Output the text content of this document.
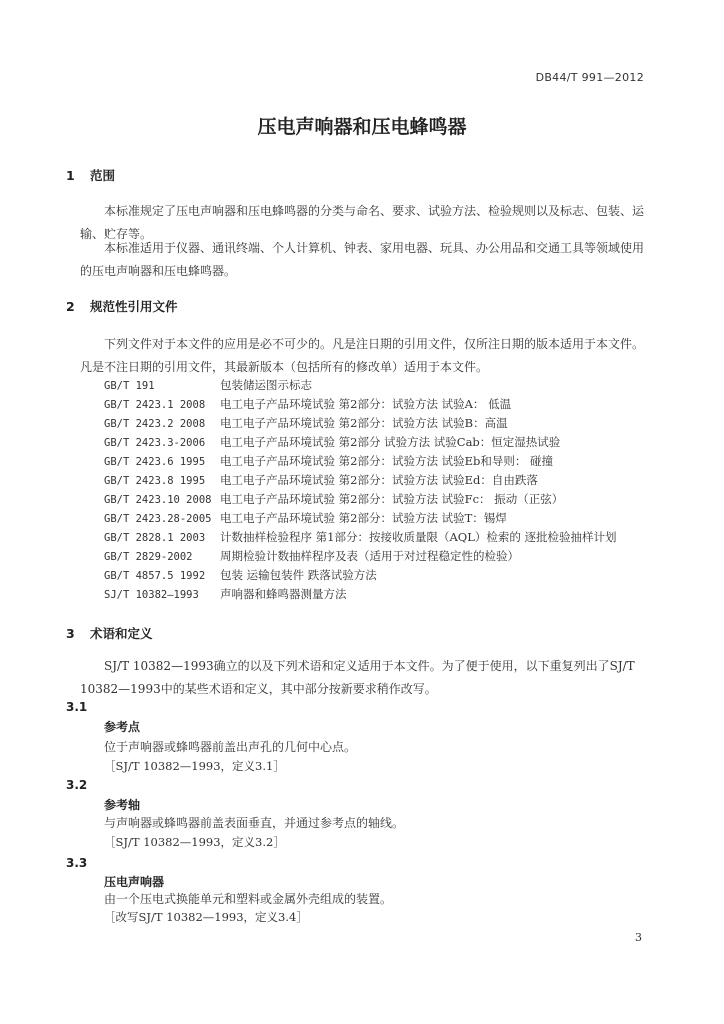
DB44/T 991—2012
压电声响器和压电蜂鸣器
1 范围
本标准规定了压电声响器和压电蜂鸣器的分类与命名、要求、试验方法、检验规则以及标志、包装、运输、贮存等。
本标准适用于仪器、通讯终端、个人计算机、钟表、家用电器、玩具、办公用品和交通工具等领域使用的压电声响器和压电蜂鸣器。
2 规范性引用文件
下列文件对于本文件的应用是必不可少的。凡是注日期的引用文件，仅所注日期的版本适用于本文件。凡是不注日期的引用文件，其最新版本（包括所有的修改单）适用于本文件。
GB/T 191	包装储运图示标志
GB/T 2423.1 2008 电工电子产品环境试验 第2部分：试验方法 试验A： 低温
GB/T 2423.2 2008 电工电子产品环境试验 第2部分：试验方法 试验B：高温
GB/T 2423.3-2006 电工电子产品环境试验 第2部分 试验方法 试验Cab：恒定湿热试验
GB/T 2423.6 1995 电工电子产品环境试验 第2部分：试验方法 试验Eb和导则： 碰撞
GB/T 2423.8 1995 电工电子产品环境试验 第2部分：试验方法 试验Ed：自由跌落
GB/T 2423.10 2008 电工电子产品环境试验 第2部分：试验方法 试验Fc： 振动（正弦）
GB/T 2423.28-2005 电工电子产品环境试验 第2部分：试验方法 试验T：锡焊
GB/T 2828.1 2003 计数抽样检验程序 第1部分：按接收质量限（AQL）检索的 逐批检验抽样计划
GB/T 2829-2002 周期检验计数抽样程序及表（适用于对过程稳定性的检验）
GB/T 4857.5 1992 包装 运输包装件 跌落试验方法
SJ/T 10382—1993 声响器和蜂鸣器测量方法
3 术语和定义
SJ/T 10382—1993确立的以及下列术语和定义适用于本文件。为了便于使用，以下重复列出了SJ/T 10382—1993中的某些术语和定义，其中部分按新要求稍作改写。
3.1
参考点
位于声响器或蜂鸣器前盖出声孔的几何中心点。
［SJ/T 10382—1993，定义3.1］
3.2
参考轴
与声响器或蜂鸣器前盖表面垂直，并通过参考点的轴线。
［SJ/T 10382—1993，定义3.2］
3.3
压电声响器
由一个压电式换能单元和塑料或金属外壳组成的装置。
［改写SJ/T 10382—1993，定义3.4］
3
